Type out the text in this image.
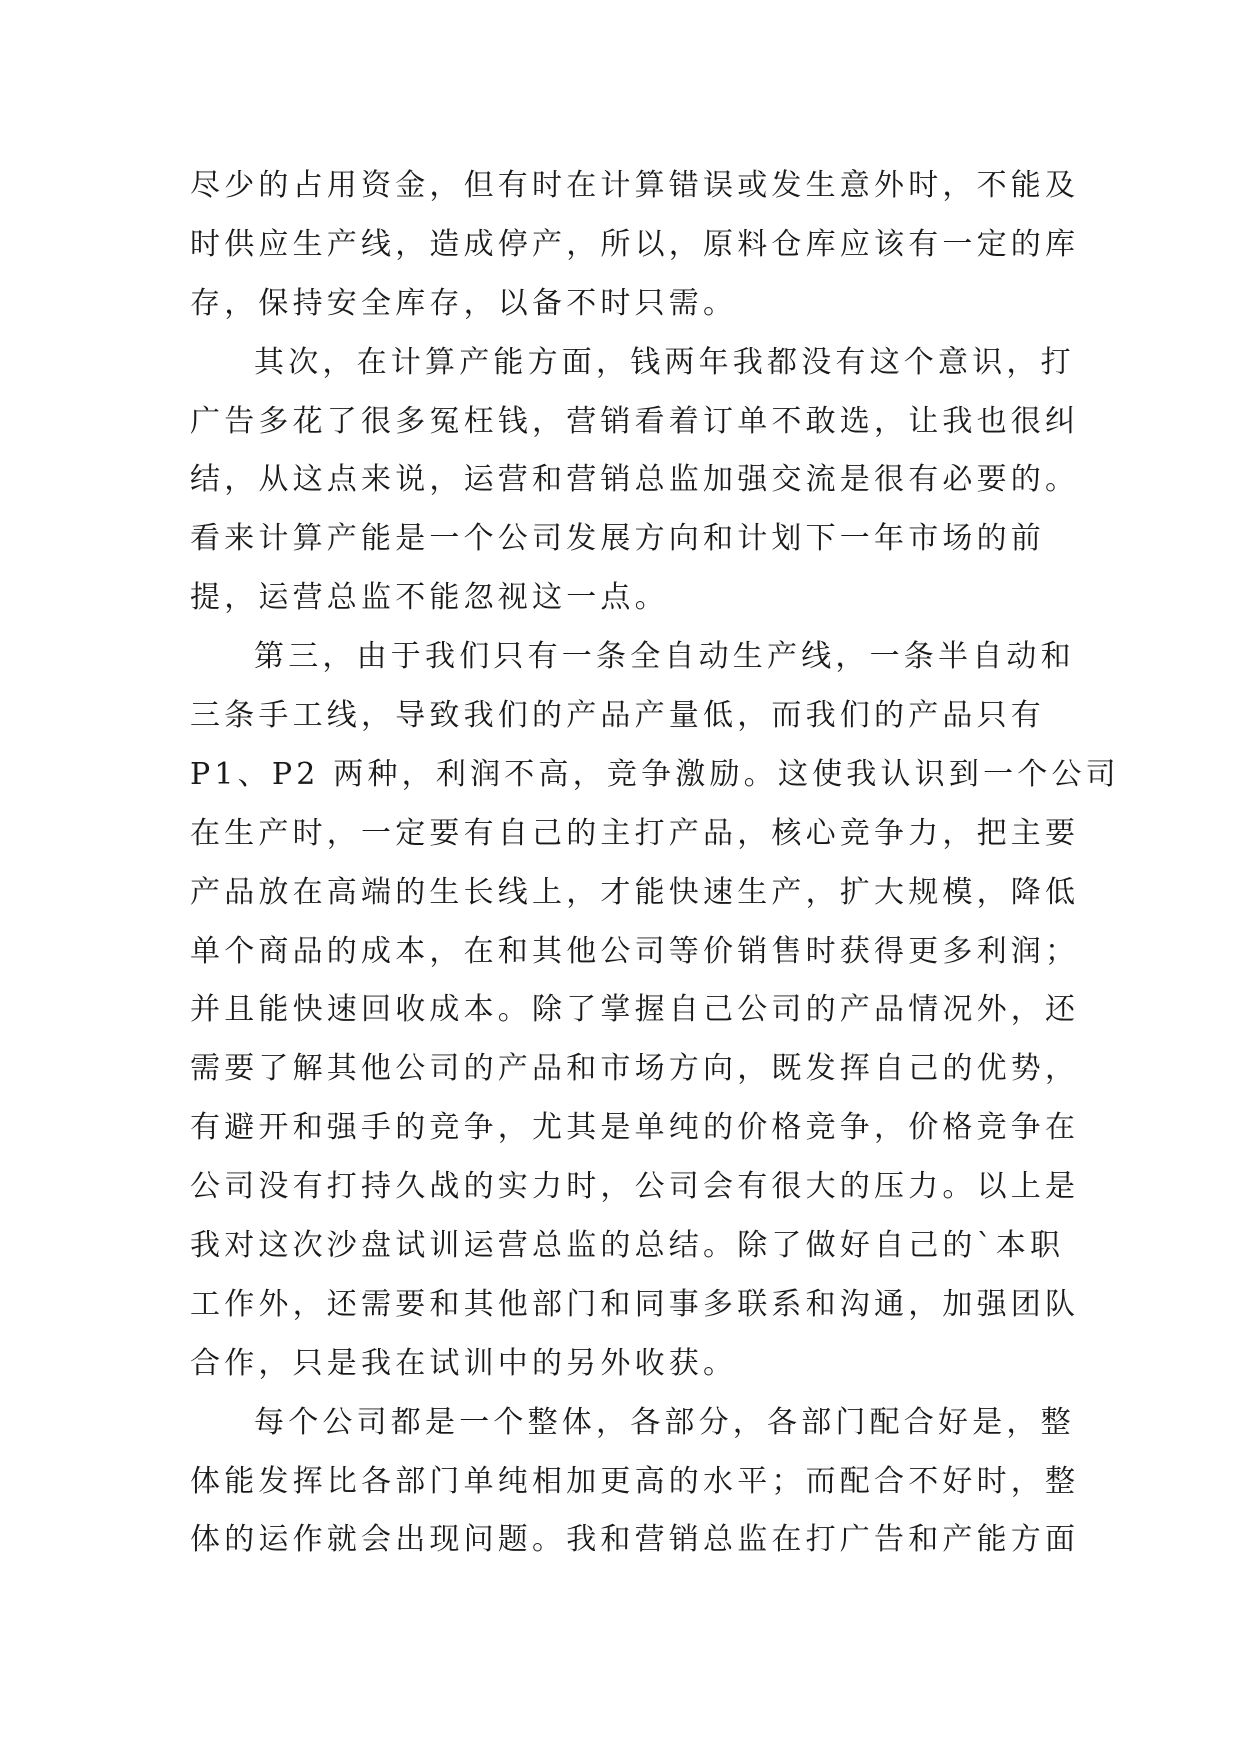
尽少的占用资金，但有时在计算错误或发生意外时，不能及
时供应生产线，造成停产，所以，原料仓库应该有一定的库
存，保持安全库存，以备不时只需。
其次，在计算产能方面，钱两年我都没有这个意识，打
广告多花了很多冤枉钱，营销看着订单不敢选，让我也很纠
结，从这点来说，运营和营销总监加强交流是很有必要的。
看来计算产能是一个公司发展方向和计划下一年市场的前
提，运营总监不能忽视这一点。
第三，由于我们只有一条全自动生产线，一条半自动和
三条手工线，导致我们的产品产量低，而我们的产品只有
P1、P2 两种，利润不高，竞争激励。这使我认识到一个公司
在生产时，一定要有自己的主打产品，核心竞争力，把主要
产品放在高端的生长线上，才能快速生产，扩大规模，降低
单个商品的成本，在和其他公司等价销售时获得更多利润；
并且能快速回收成本。除了掌握自己公司的产品情况外，还
需要了解其他公司的产品和市场方向，既发挥自己的优势，
有避开和强手的竞争，尤其是单纯的价格竞争，价格竞争在
公司没有打持久战的实力时，公司会有很大的压力。以上是
我对这次沙盘试训运营总监的总结。除了做好自己的`本职
工作外，还需要和其他部门和同事多联系和沟通，加强团队
合作，只是我在试训中的另外收获。
每个公司都是一个整体，各部分，各部门配合好是，整
体能发挥比各部门单纯相加更高的水平；而配合不好时，整
体的运作就会出现问题。我和营销总监在打广告和产能方面
